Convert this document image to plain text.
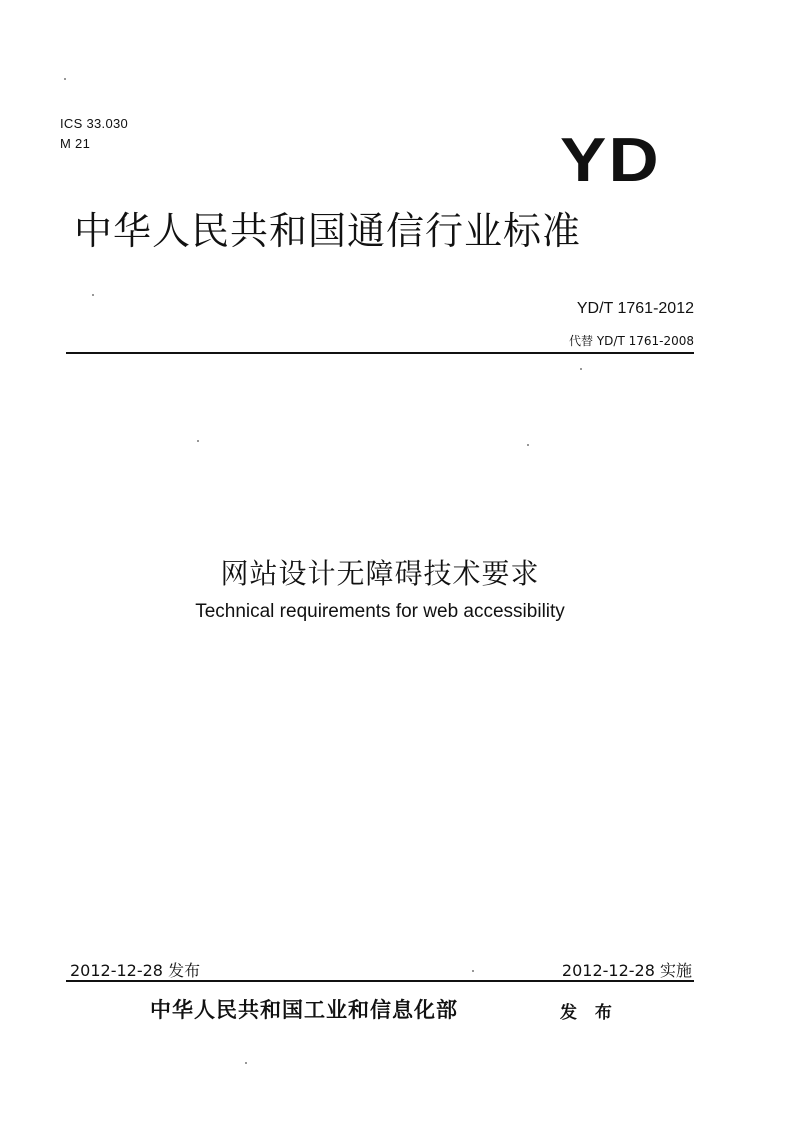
ICS 33.030
M 21	YD
中华人民共和国通信行业标准
YD/T 1761-2012
代替 YD/T 1761-2008
网站设计无障碍技术要求
Technical requirements for web accessibility
2012-12-28 发布	2012-12-28 实施
中华人民共和国工业和信息化部	发 布
